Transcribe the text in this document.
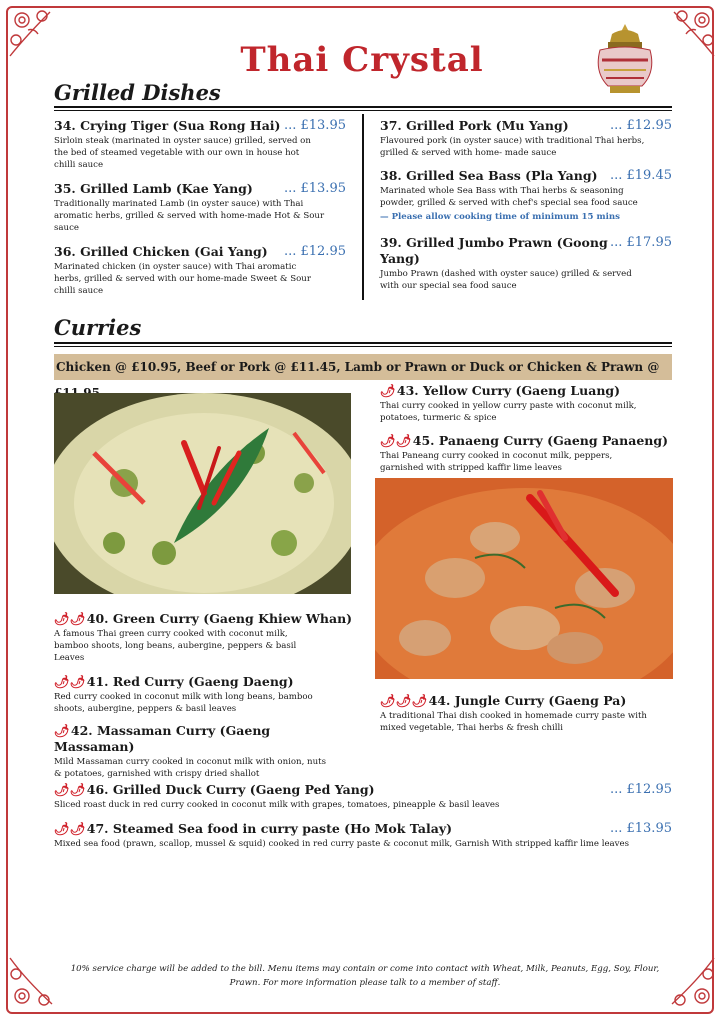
Thai Crystal
Grilled Dishes
34. Crying Tiger (Sua Rong Hai) ... £13.95
Sirloin steak (marinated in oyster sauce) grilled, served on the bed of steamed vegetable with our own in house hot chilli sauce
35. Grilled Lamb (Kae Yang)	... £13.95
Traditionally marinated Lamb (in oyster sauce) with Thai aromatic herbs, grilled & served with home-made Hot & Sour sauce
36. Grilled Chicken (Gai Yang)	... £12.95
Marinated chicken (in oyster sauce) with Thai aromatic herbs, grilled & served with our home-made Sweet & Sour chilli sauce
37. Grilled Pork (Mu Yang)	... £12.95
Flavoured pork (in oyster sauce) with traditional Thai herbs, grilled & served with home- made sauce
38. Grilled Sea Bass (Pla Yang) ... £19.45
Marinated whole Sea Bass with Thai herbs & seasoning powder, grilled & served with chef's special sea food sauce
— Please allow cooking time of minimum 15 mins
39. Grilled Jumbo Prawn (Goong Yang)
... £17.95
Jumbo Prawn (dashed with oyster sauce) grilled & served with our special sea food sauce
Curries
Chicken @ £10.95, Beef or Pork @ £11.45, Lamb or Prawn or Duck or Chicken & Prawn @
🌶43. Yellow Curry (Gaeng Luang)
Thai curry cooked in yellow curry paste with coconut milk, potatoes, turmeric & spice
🌶🌶45. Panaeng Curry (Gaeng Panaeng)
Thai Paneang curry cooked in coconut milk, peppers, garnished with stripped kaffir lime leaves
🌶🌶40. Green Curry (Gaeng Khiew Whan)
A famous Thai green curry cooked with coconut milk, bamboo shoots, long beans, aubergine, peppers & basil Leaves
🌶🌶41. Red Curry (Gaeng Daeng)
Red curry cooked in coconut milk with long beans, bamboo shoots, aubergine, peppers & basil leaves
🌶42. Massaman Curry (Gaeng Massaman)
Mild Massaman curry cooked in coconut milk with onion, nuts & potatoes, garnished with crispy dried shallot
🌶🌶🌶44. Jungle Curry (Gaeng Pa)
A traditional Thai dish cooked in homemade curry paste with mixed vegetable, Thai herbs & fresh chilli
🌶🌶46. Grilled Duck Curry (Gaeng Ped Yang)	... £12.95
Sliced roast duck in red curry cooked in coconut milk with grapes, tomatoes, pineapple & basil leaves
🌶🌶47. Steamed Sea food in curry paste (Ho Mok Talay)	... £13.95
Mixed sea food (prawn, scallop, mussel & squid) cooked in red curry paste & coconut milk, Garnish With stripped kaffir lime leaves
10% service charge will be added to the bill. Menu items may contain or come into contact with Wheat, Milk, Peanuts, Egg, Soy, Flour, Prawn. For more information please talk to a member of staff.
